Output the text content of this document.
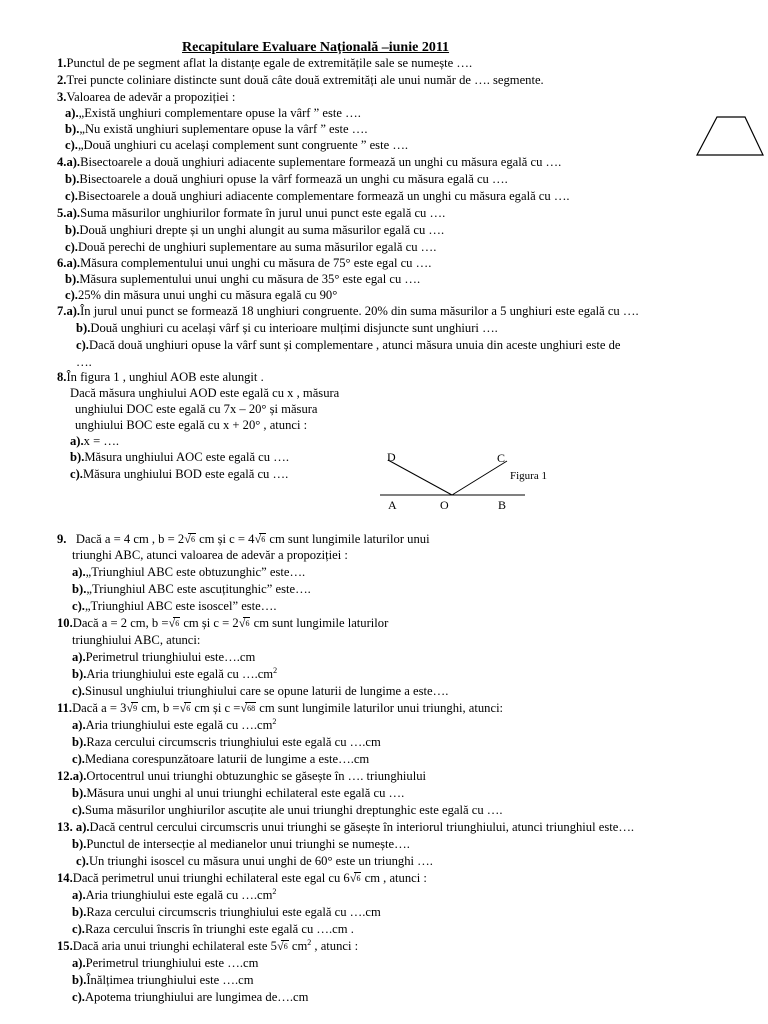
Recapitulare Evaluare Națională –iunie 2011
1.Punctul de pe segment aflat la distanțe egale de extremitățile sale se numește ….
2.Trei puncte coliniare distincte sunt două câte două extremități ale unui număr de …. segmente.
3.Valoarea de adevăr a propoziției :
a).„Există unghiuri complementare opuse la vârf ” este ….
b).„Nu există unghiuri suplementare opuse la vârf ” este ….
c).„Două unghiuri cu același complement sunt congruente ” este ….
4.a).Bisectoarele a două unghiuri adiacente suplementare formează un unghi cu măsura egală cu ….
b).Bisectoarele a două unghiuri opuse la vârf formează un unghi cu măsura egală cu ….
c).Bisectoarele a două unghiuri adiacente complementare formează un unghi cu măsura egală cu ….
5.a).Suma măsurilor unghiurilor formate în jurul unui punct este egală cu ….
b).Două unghiuri drepte și un unghi alungit au suma măsurilor egală cu ….
c).Două perechi de unghiuri suplementare au suma măsurilor egală cu ….
6.a).Măsura complementului unui unghi cu măsura de 75° este egal cu ….
b).Măsura suplementului unui unghi cu măsura de 35° este egal cu ….
c).25% din măsura unui unghi cu măsura egală cu 90°
7.a).În jurul unui punct se formează 18 unghiuri congruente. 20% din suma măsurilor a 5 unghiuri este egală cu ….
b).Două unghiuri cu același vârf și cu interioare mulțimi disjuncte sunt unghiuri ….
c).Dacă două unghiuri opuse la vârf sunt și complementare , atunci măsura unuia din aceste unghiuri este de
….
8.În figura 1 , unghiul AOB este alungit .
Dacă măsura unghiului AOD este egală cu x , măsura
unghiului DOC este egală cu 7x – 20° și măsura
unghiului BOC este egală cu x + 20° , atunci :
a).x = ….
b).Măsura unghiului AOC este egală cu ….
c).Măsura unghiului BOD este egală cu ….
D	C
Figura 1
A	O	B
9. Dacă a = 4 cm , b = 2 √ 6 cm și c = 4 √ 6 cm sunt lungimile laturilor unui
triunghi ABC, atunci valoarea de adevăr a propoziției :
a).„Triunghiul ABC este obtuzunghic” este….
b).„Triunghiul ABC este ascuțitunghic” este….
c).„Triunghiul ABC este isoscel” este….
10.Dacă a = 2 cm, b = √ 6 cm și c = 2 √ 6 cm sunt lungimile laturilor
triunghiului ABC, atunci:
a).Perimetrul triunghiului este….cm
b).Aria triunghiului este egală cu $\dots.cm^2$
c).Sinusul unghiului triunghiului care se opune laturii de lungime a este….
11.Dacă a = 3 √ 9 cm, b = √ 6 cm și c = √ 68 cm sunt lungimile laturilor unui triunghi, atunci:
a).Aria triunghiului este egală cu $\dots.cm^2$
b).Raza cercului circumscris triunghiului este egală cu ….cm
c).Mediana corespunzătoare laturii de lungime a este….cm
12.a).Ortocentrul unui triunghi obtuzunghic se găsește în …. triunghiului
b).Măsura unui unghi al unui triunghi echilateral este egală cu ….
c).Suma măsurilor unghiurilor ascuțite ale unui triunghi dreptunghic este egală cu ….
13. a).Dacă centrul cercului circumscris unui triunghi se găsește în interiorul triunghiului, atunci triunghiul este….
b).Punctul de intersecție al medianelor unui triunghi se numește….
c).Un triunghi isoscel cu măsura unui unghi de 60° este un triunghi ….
14.Dacă perimetrul unui triunghi echilateral este egal cu 6 √ 6 cm , atunci :
a).Aria triunghiului este egală cu $\dots.cm^2$
b).Raza cercului circumscris triunghiului este egală cu ….cm
c).Raza cercului înscris în triunghi este egală cu ….cm .
15.Dacă aria unui triunghi echilateral este 5 √ 6 $cm^2$ , atunci :
a).Perimetrul triunghiului este ….cm
b).Înălțimea triunghiului este ….cm
c).Apotema triunghiului are lungimea de….cm
